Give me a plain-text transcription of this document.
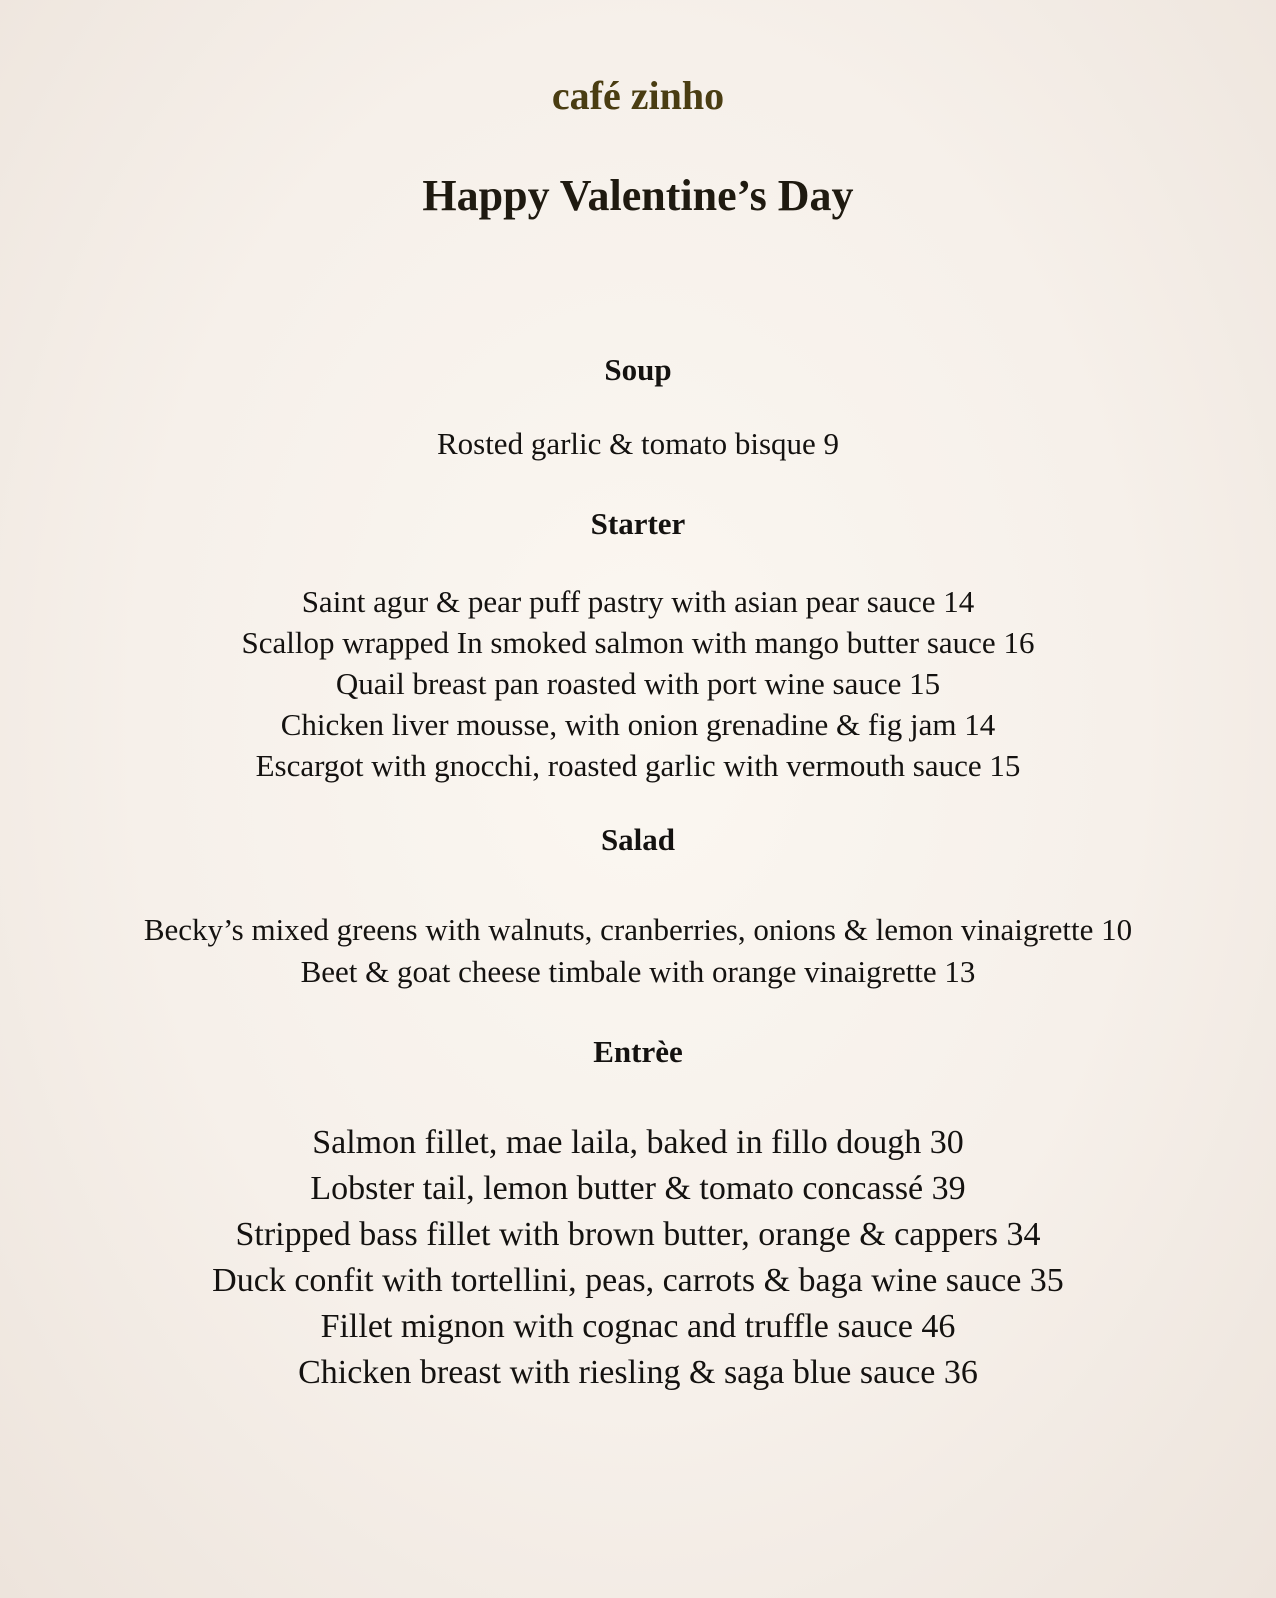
café zinho
Happy Valentine’s Day
Soup
Rosted garlic & tomato bisque 9
Starter
Saint agur & pear puff pastry with asian pear sauce 14
Scallop wrapped In smoked salmon with mango butter sauce 16
Quail breast pan roasted with port wine sauce 15
Chicken liver mousse, with onion grenadine & fig jam 14
Escargot with gnocchi, roasted garlic with vermouth sauce 15
Salad
Becky’s mixed greens with walnuts, cranberries, onions & lemon vinaigrette 10
Beet & goat cheese timbale with orange vinaigrette 13
Entrèe
Salmon fillet, mae laila, baked in fillo dough 30
Lobster tail, lemon butter & tomato concassé 39
Stripped bass fillet with brown butter, orange & cappers 34
Duck confit with tortellini, peas, carrots & baga wine sauce 35
Fillet mignon with cognac and truffle sauce 46
Chicken breast with riesling & saga blue sauce 36
